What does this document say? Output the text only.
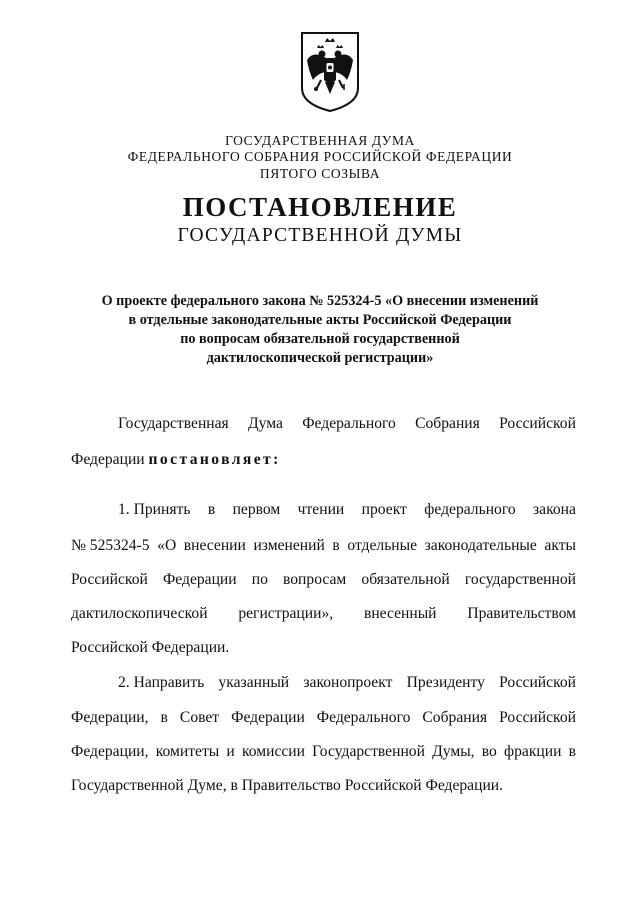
ГОСУДАРСТВЕННАЯ ДУМА
ФЕДЕРАЛЬНОГО СОБРАНИЯ РОССИЙСКОЙ ФЕДЕРАЦИИ
ПЯТОГО СОЗЫВА
ПОСТАНОВЛЕНИЕ
ГОСУДАРСТВЕННОЙ ДУМЫ
О проекте федерального закона № 525324-5 «О внесении изменений
в отдельные законодательные акты Российской Федерации
по вопросам обязательной государственной
дактилоскопической регистрации»
Государственная Дума Федерального Собрания Российской
Федерации постановляет:
1. Принять в первом чтении проект федерального закона
№ 525324-5 «О внесении изменений в отдельные законодательные акты
Российской Федерации по вопросам обязательной государственной
дактилоскопической регистрации», внесенный Правительством
Российской Федерации.
2. Направить указанный законопроект Президенту Российской
Федерации, в Совет Федерации Федерального Собрания Российской
Федерации, комитеты и комиссии Государственной Думы, во фракции в
Государственной Думе, в Правительство Российской Федерации.
